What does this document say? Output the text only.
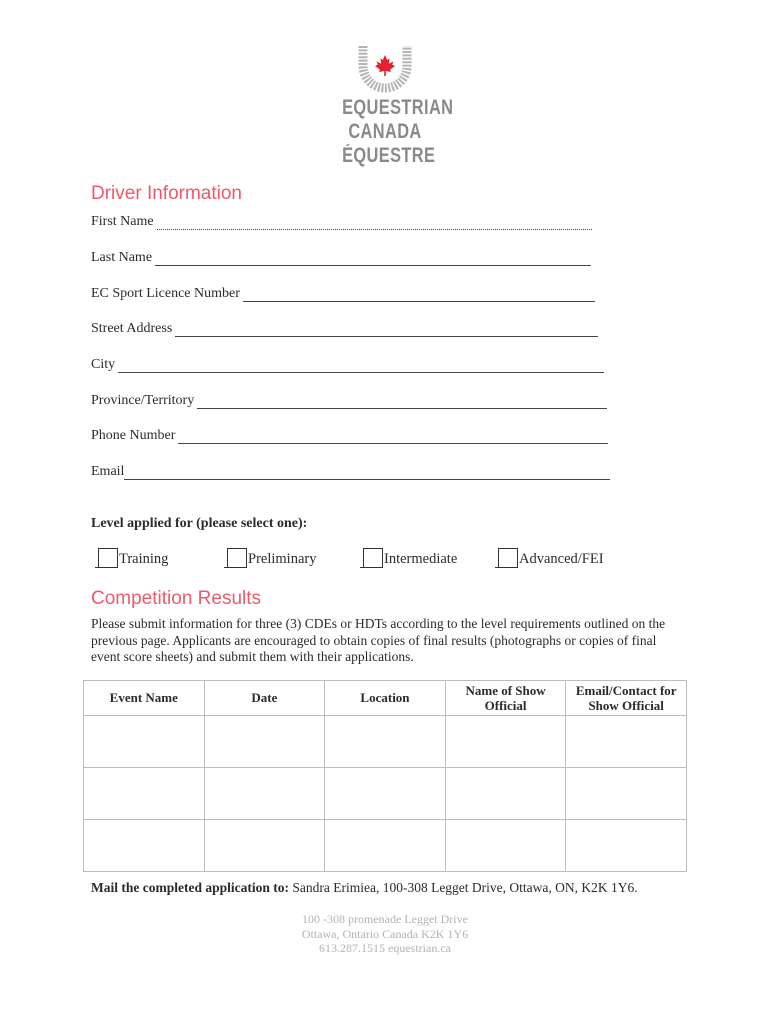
EQUESTRIAN
CANADA
ÉQUESTRE
Driver Information
First Name
Last Name
EC Sport Licence Number
Street Address
City
Province/Territory
Phone Number
Email
Level applied for (please select one):
Training	Preliminary	Intermediate	Advanced/FEI
Competition Results

Please submit information for three (3) CDEs or HDTs according to the level requirements outlined on the previous page. Applicants are encouraged to obtain copies of final results (photographs or copies of final event score sheets) and submit them with their applications.

Event Name	Date	Location	Name of Show Official	Email/Contact for Show Official

Mail the completed application to: Sandra Erimiea, 100-308 Legget Drive, Ottawa, ON, K2K 1Y6.
100 -308 promenade Legget Drive
Ottawa, Ontario Canada K2K 1Y6
613.287.1515 equestrian.ca
